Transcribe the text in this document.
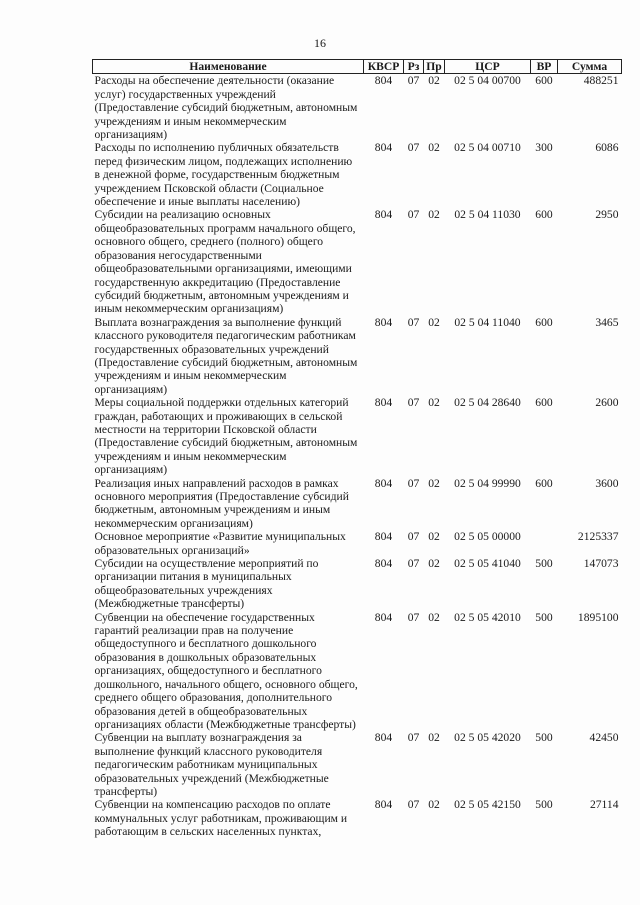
16
Наименование	КВСР	Рз	Пр	ЦСР	ВР	Сумма
Расходы на обеспечение деятельности (оказание услуг) государственных учреждений (Предоставление субсидий бюджетным, автономным учреждениям и иным некоммерческим организациям)	804	07	02	02 5 04 00700	600	488251
Расходы по исполнению публичных обязательств перед физическим лицом, подлежащих исполнению в денежной форме, государственным бюджетным учреждением Псковской области (Социальное обеспечение и иные выплаты населению)	804	07	02	02 5 04 00710	300	6086
Субсидии на реализацию основных общеобразовательных программ начального общего, основного общего, среднего (полного) общего образования негосударственными общеобразовательными организациями, имеющими государственную аккредитацию (Предоставление субсидий бюджетным, автономным учреждениям и иным некоммерческим организациям)	804	07	02	02 5 04 11030	600	2950
Выплата вознаграждения за выполнение функций классного руководителя педагогическим работникам государственных образовательных учреждений (Предоставление субсидий бюджетным, автономным учреждениям и иным некоммерческим организациям)	804	07	02	02 5 04 11040	600	3465
Меры социальной поддержки отдельных категорий граждан, работающих и проживающих в сельской местности на территории Псковской области (Предоставление субсидий бюджетным, автономным учреждениям и иным некоммерческим организациям)	804	07	02	02 5 04 28640	600	2600
Реализация иных направлений расходов в рамках основного мероприятия (Предоставление субсидий бюджетным, автономным учреждениям и иным некоммерческим организациям)	804	07	02	02 5 04 99990	600	3600
Основное мероприятие «Развитие муниципальных образовательных организаций»	804	07	02	02 5 05 00000		2125337
Субсидии на осуществление мероприятий по организации питания в муниципальных общеобразовательных учреждениях (Межбюджетные трансферты)	804	07	02	02 5 05 41040	500	147073
Субвенции на обеспечение государственных гарантий реализации прав на получение общедоступного и бесплатного дошкольного образования в дошкольных образовательных организациях, общедоступного и бесплатного дошкольного, начального общего, основного общего, среднего общего образования, дополнительного образования детей в общеобразовательных организациях области (Межбюджетные трансферты)	804	07	02	02 5 05 42010	500	1895100
Субвенции на выплату вознаграждения за выполнение функций классного руководителя педагогическим работникам муниципальных образовательных учреждений (Межбюджетные трансферты)	804	07	02	02 5 05 42020	500	42450
Субвенции на компенсацию расходов по оплате коммунальных услуг работникам, проживающим и работающим в сельских населенных пунктах,	804	07	02	02 5 05 42150	500	27114
